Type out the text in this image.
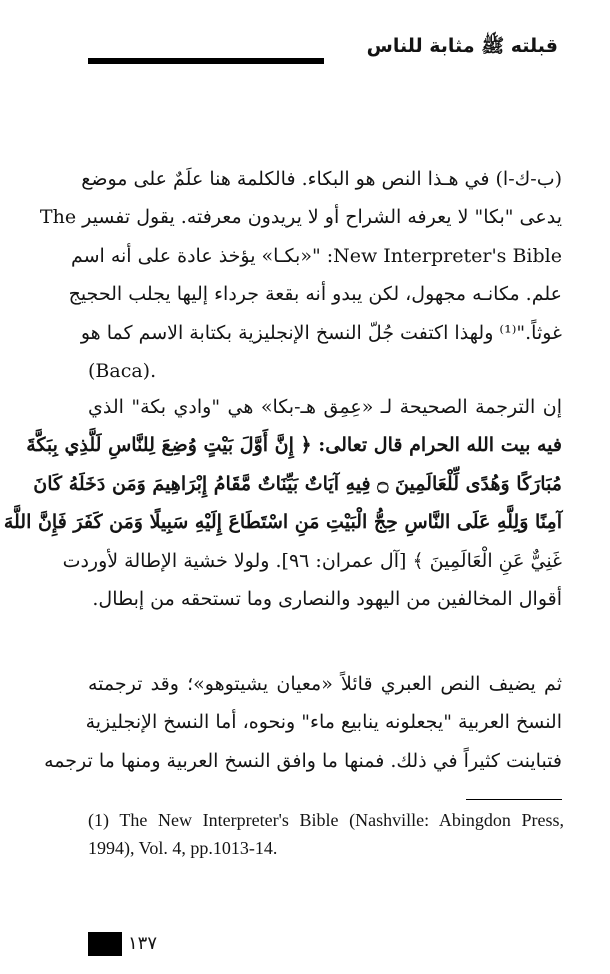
قبلته ﷺ مثابة للناس
(ب-ك-ا) في هـذا النص هو البكاء. فالكلمة هنا علَمٌ على موضع
يدعى "بكا" لا يعرفه الشراح أو لا يريدون معرفته. يقول تفسير The
New Interpreter's Bible: "«بكـا» يؤخذ عادة على أنه اسم
علم. مكانـه مجهول، لكن يبدو أنه بقعة جرداء إليها يجلب الحجيج
غوثاً."⁽¹⁾ ولهذا اكتفت جُلّ النسخ الإنجليزية بكتابة الاسم كما هو
(Baca).
إن الترجمة الصحيحة لـ «عِمِق هـ-بكا» هي "وادي بكة" الذي
فيه بيت الله الحرام قال تعالى: ﴿ إِنَّ أَوَّلَ بَيْتٍ وُضِعَ لِلنَّاسِ لَلَّذِي بِبَكَّةَ
مُبَارَكًا وَهُدًى لِّلْعَالَمِينَ ۝ فِيهِ آيَاتٌ بَيِّنَاتٌ مَّقَامُ إِبْرَاهِيمَ وَمَن دَخَلَهُ كَانَ
آمِنًا وَلِلَّهِ عَلَى النَّاسِ حِجُّ الْبَيْتِ مَنِ اسْتَطَاعَ إِلَيْهِ سَبِيلًا وَمَن كَفَرَ فَإِنَّ اللَّهَ
غَنِيٌّ عَنِ الْعَالَمِينَ ﴾ [آل عمران: ٩٦]. ولولا خشية الإطالة لأوردت
أقوال المخالفين من اليهود والنصارى وما تستحقه من إبطال.
ثم يضيف النص العبري قائلاً «معيان يشيتوهو»؛ وقد ترجمته
النسخ العربية "يجعلونه ينابيع ماء" ونحوه، أما النسخ الإنجليزية
فتباينت كثيراً في ذلك. فمنها ما وافق النسخ العربية ومنها ما ترجمه
(1) The New Interpreter's Bible (Nashville: Abingdon Press, 1994), Vol. 4, pp.1013-14.
١٣٧
